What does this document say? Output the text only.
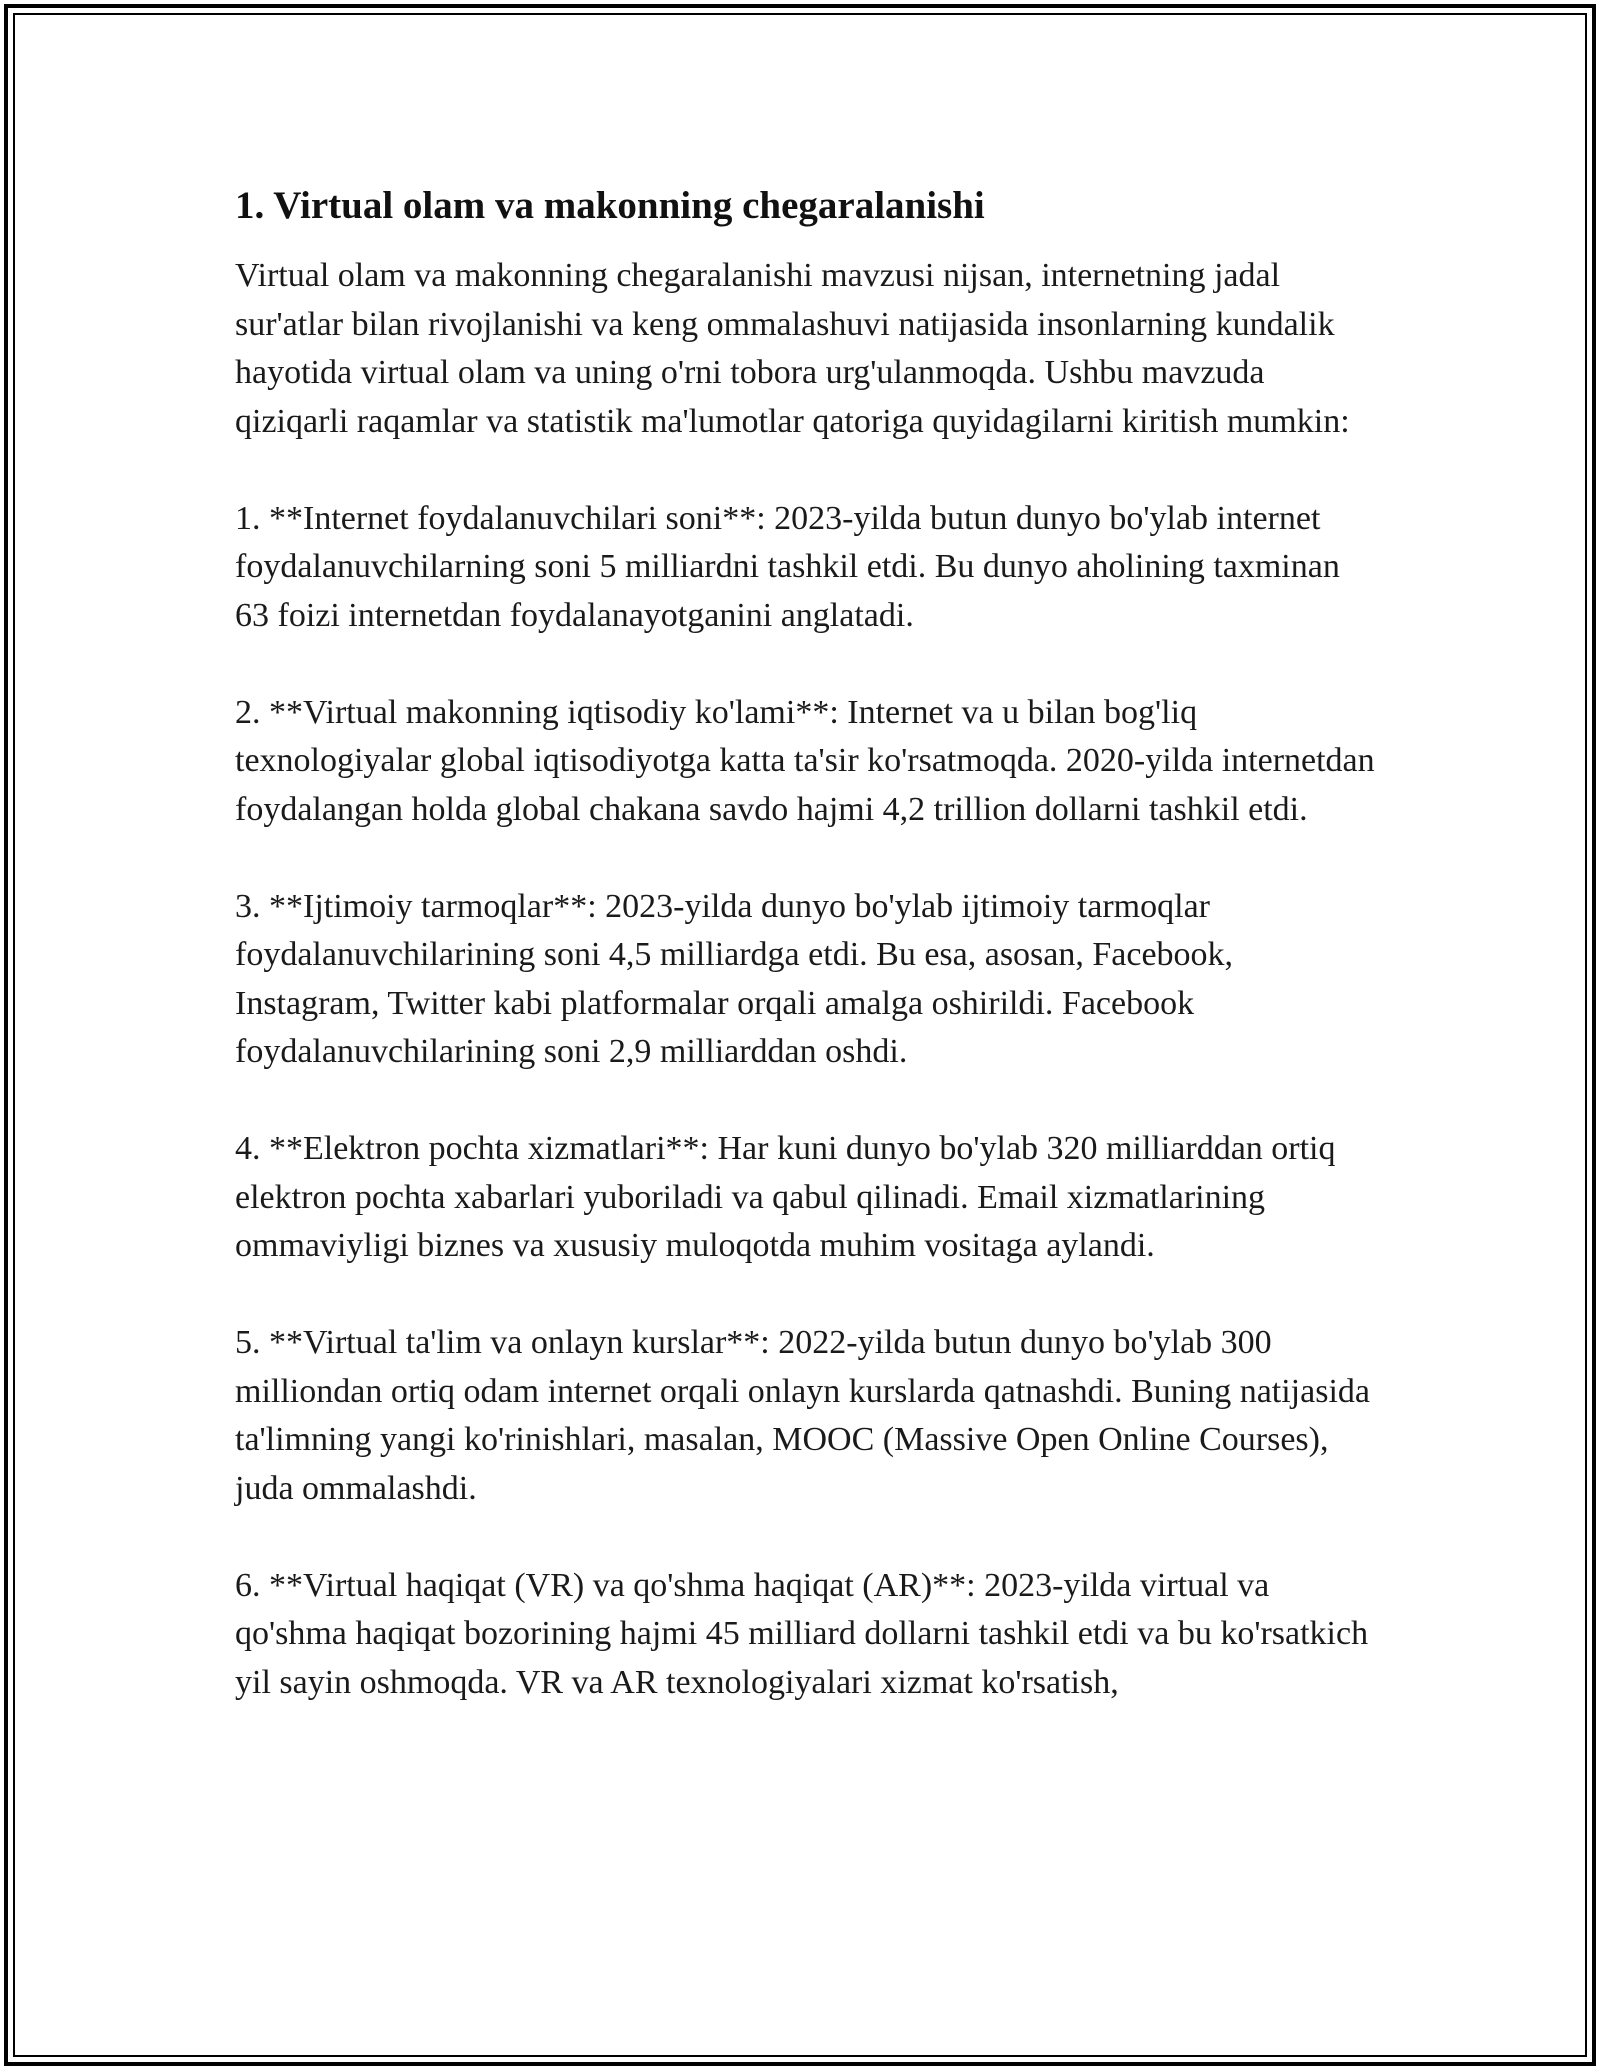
1. Virtual olam va makonning chegaralanishi

Virtual olam va makonning chegaralanishi mavzusi nijsan, internetning jadal sur'atlar bilan rivojlanishi va keng ommalashuvi natijasida insonlarning kundalik hayotida virtual olam va uning o'rni tobora urg'ulanmoqda. Ushbu mavzuda qiziqarli raqamlar va statistik ma'lumotlar qatoriga quyidagilarni kiritish mumkin:

1. **Internet foydalanuvchilari soni**: 2023-yilda butun dunyo bo'ylab internet foydalanuvchilarning soni 5 milliardni tashkil etdi. Bu dunyo aholining taxminan 63 foizi internetdan foydalanayotganini anglatadi.

2. **Virtual makonning iqtisodiy ko'lami**: Internet va u bilan bog'liq texnologiyalar global iqtisodiyotga katta ta'sir ko'rsatmoqda. 2020-yilda internetdan foydalangan holda global chakana savdo hajmi 4,2 trillion dollarni tashkil etdi.

3. **Ijtimoiy tarmoqlar**: 2023-yilda dunyo bo'ylab ijtimoiy tarmoqlar foydalanuvchilarining soni 4,5 milliardga etdi. Bu esa, asosan, Facebook, Instagram, Twitter kabi platformalar orqali amalga oshirildi. Facebook foydalanuvchilarining soni 2,9 milliarddan oshdi.

4. **Elektron pochta xizmatlari**: Har kuni dunyo bo'ylab 320 milliarddan ortiq elektron pochta xabarlari yuboriladi va qabul qilinadi. Email xizmatlarining ommaviyligi biznes va xususiy muloqotda muhim vositaga aylandi.

5. **Virtual ta'lim va onlayn kurslar**: 2022-yilda butun dunyo bo'ylab 300 milliondan ortiq odam internet orqali onlayn kurslarda qatnashdi. Buning natijasida ta'limning yangi ko'rinishlari, masalan, MOOC (Massive Open Online Courses), juda ommalashdi.

6. **Virtual haqiqat (VR) va qo'shma haqiqat (AR)**: 2023-yilda virtual va qo'shma haqiqat bozorining hajmi 45 milliard dollarni tashkil etdi va bu ko'rsatkich yil sayin oshmoqda. VR va AR texnologiyalari xizmat ko'rsatish,
